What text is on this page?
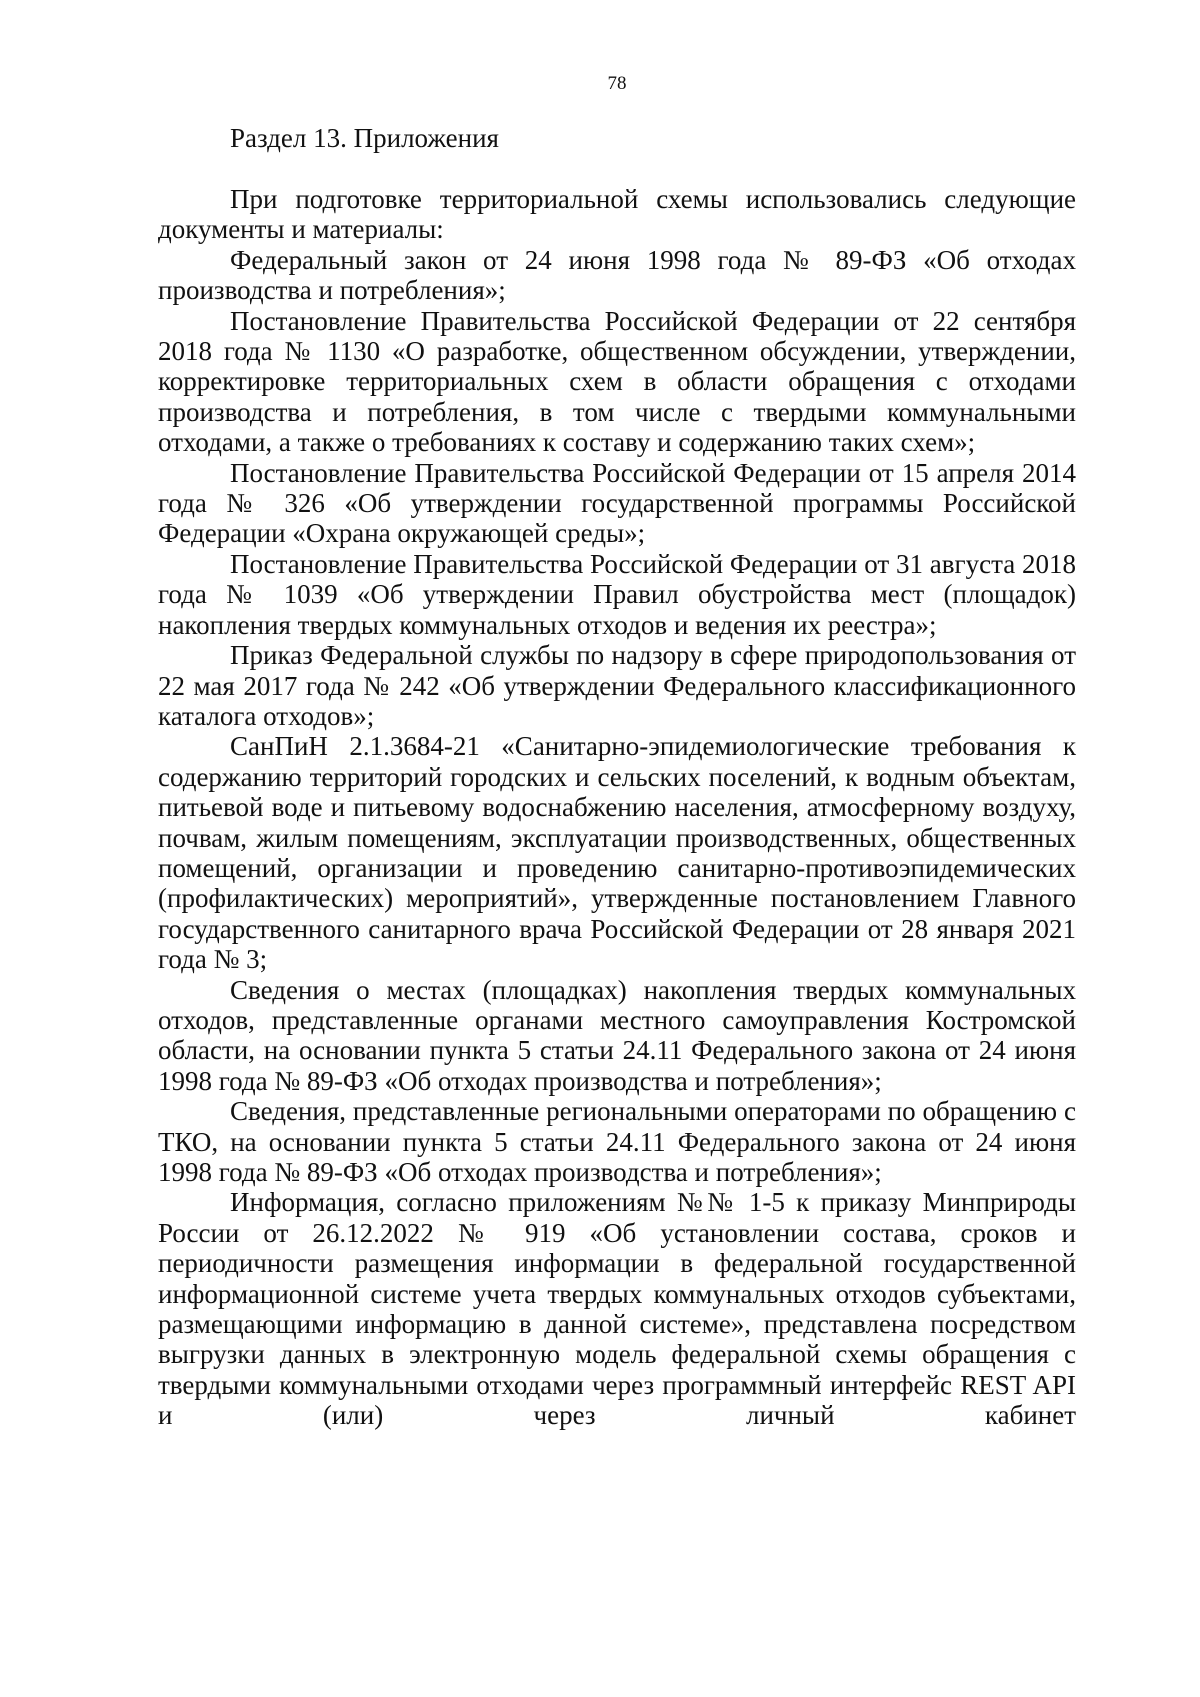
78
Раздел 13. Приложения

При подготовке территориальной схемы использовались следующие документы и материалы:

Федеральный закон от 24 июня 1998 года № 89-ФЗ «Об отходах производства и потребления»;

Постановление Правительства Российской Федерации от 22 сентября 2018 года № 1130 «О разработке, общественном обсуждении, утверждении, корректировке территориальных схем в области обращения с отходами производства и потребления, в том числе с твердыми коммунальными отходами, а также о требованиях к составу и содержанию таких схем»;

Постановление Правительства Российской Федерации от 15 апреля 2014 года № 326 «Об утверждении государственной программы Российской Федерации «Охрана окружающей среды»;

Постановление Правительства Российской Федерации от 31 августа 2018 года № 1039 «Об утверждении Правил обустройства мест (площадок) накопления твердых коммунальных отходов и ведения их реестра»;

Приказ Федеральной службы по надзору в сфере природопользования от 22 мая 2017 года № 242 «Об утверждении Федерального классификационного каталога отходов»;

СанПиН 2.1.3684-21 «Санитарно-эпидемиологические требования к содержанию территорий городских и сельских поселений, к водным объектам, питьевой воде и питьевому водоснабжению населения, атмосферному воздуху, почвам, жилым помещениям, эксплуатации производственных, общественных помещений, организации и проведению санитарно-противоэпидемических (профилактических) мероприятий», утвержденные постановлением Главного государственного санитарного врача Российской Федерации от 28 января 2021 года № 3;

Сведения о местах (площадках) накопления твердых коммунальных отходов, представленные органами местного самоуправления Костромской области, на основании пункта 5 статьи 24.11 Федерального закона от 24 июня 1998 года № 89-ФЗ «Об отходах производства и потребления»;

Сведения, представленные региональными операторами по обращению с ТКО, на основании пункта 5 статьи 24.11 Федерального закона от 24 июня 1998 года № 89-ФЗ «Об отходах производства и потребления»;

Информация, согласно приложениям №№ 1-5 к приказу Минприроды России от 26.12.2022 № 919 «Об установлении состава, сроков и периодичности размещения информации в федеральной государственной информационной системе учета твердых коммунальных отходов субъектами, размещающими информацию в данной системе», представлена посредством выгрузки данных в электронную модель федеральной схемы обращения с твердыми коммунальными отходами через программный интерфейс REST API и (или) через личный кабинет
